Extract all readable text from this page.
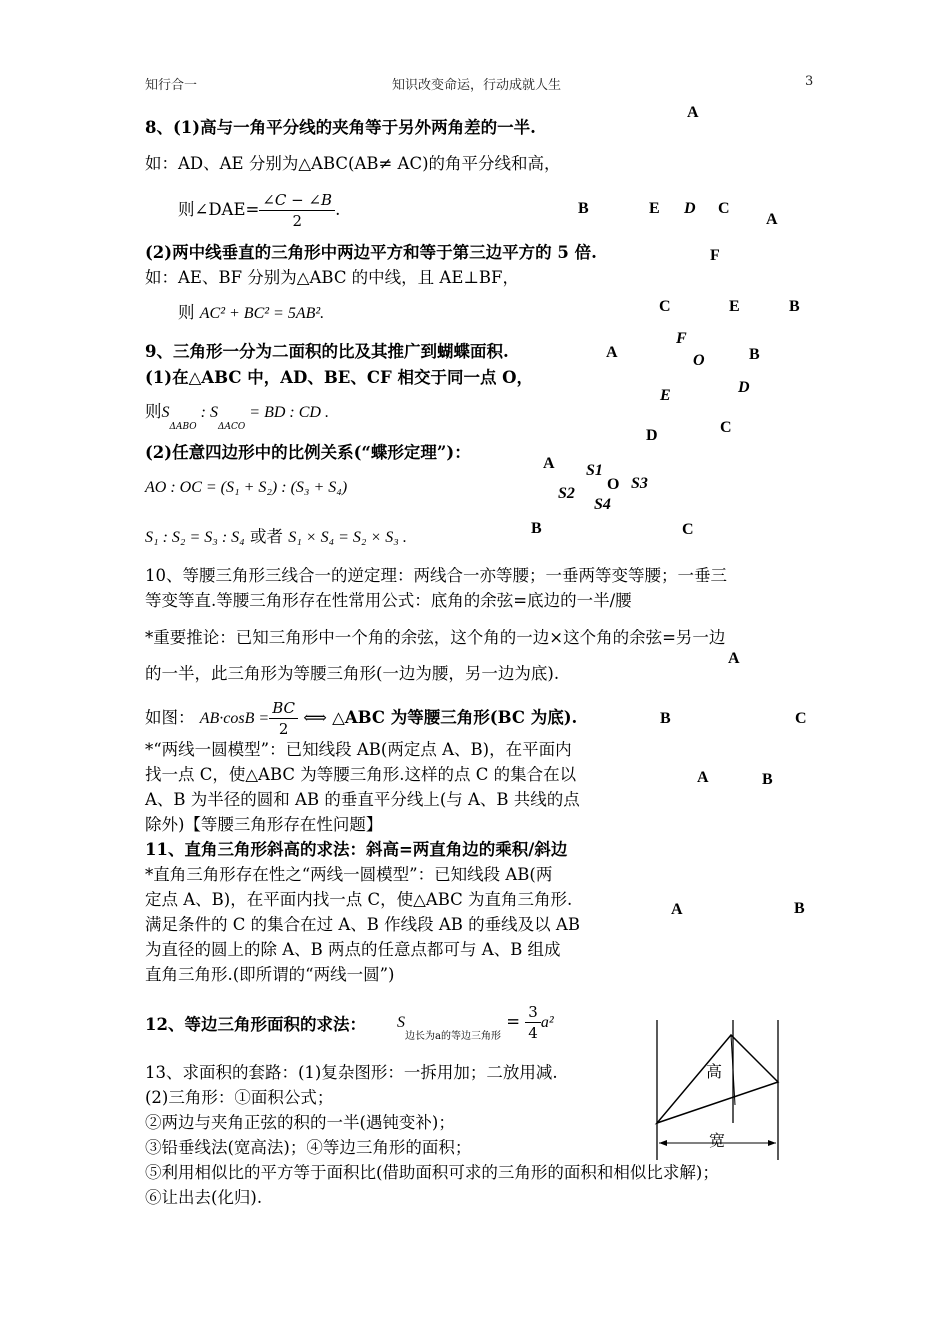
知行合一	知识改变命运，行动成就人生	3
8、(1)高与一角平分线的夹角等于另外两角差的一半.
如：AD、AE 分别为△ABC(AB≠ AC)的角平分线和高，
则∠DAE= $\frac{\angle C - \angle B}{2}$ .
(2)两中线垂直的三角形中两边平方和等于第三边平方的 5 倍.
如：AE、BF 分别为△ABC 的中线，且 AE⊥BF，
则 AC² + BC² = 5AB².
A
B	E D C
A
F
C	E	B
9、三角形一分为二面积的比及其推广到蝴蝶面积.
(1)在△ABC 中，AD、BE、CF 相交于同一点 O，
则$S_{\Delta ABO}$ : $S_{\Delta ACO}$ = BD : CD .
(2)任意四边形中的比例关系(“蝶形定理”)：
AO : OC = (S₁ + S₂) : (S₃ + S₄)
S₁ : S₂ = S₃ : S₄ 或者 S₁ × S₄ = S₂ × S₃ .
A
F
O	B
E	D
D	C
A S1
O S3
S2
S4
B	C
10、等腰三角形三线合一的逆定理：两线合一亦等腰；一垂两等变等腰；一垂三
等变等直.等腰三角形存在性常用公式：底角的余弦=底边的一半/腰
*重要推论：已知三角形中一个角的余弦，这个角的一边×这个角的余弦=另一边
的一半，此三角形为等腰三角形(一边为腰，另一边为底).
如图： $AB\cdot\cos B = \frac{BC}{2}$ ⟺ △ABC 为等腰三角形(BC 为底).
*“两线一圆模型”：已知线段 AB(两定点 A、B)，在平面内
找一点 C，使△ABC 为等腰三角形.这样的点 C 的集合在以
A、B 为半径的圆和 AB 的垂直平分线上(与 A、B 共线的点
除外)【等腰三角形存在性问题】
A
B	C
A	B
11、直角三角形斜高的求法：斜高=两直角边的乘积/斜边
*直角三角形存在性之“两线一圆模型”：已知线段 AB(两
定点 A、B)，在平面内找一点 C，使△ABC 为直角三角形.
满足条件的 C 的集合在过 A、B 作线段 AB 的垂线及以 AB
为直径的圆上的除 A、B 两点的任意点都可与 A、B 组成
直角三角形.(即所谓的“两线一圆”)
A	B
12、等边三角形面积的求法： $S_{边长为a的等边三角形} = \frac{3}{4} a^2$
13、求面积的套路：(1)复杂图形：一拆用加；二放用减.
(2)三角形：①面积公式；
②两边与夹角正弦的积的一半(遇钝变补)；
③铅垂线法(宽高法)；④等边三角形的面积；
⑤利用相似比的平方等于面积比(借助面积可求的三角形的面积和相似比求解)；
⑥让出去(化归).
高
宽
